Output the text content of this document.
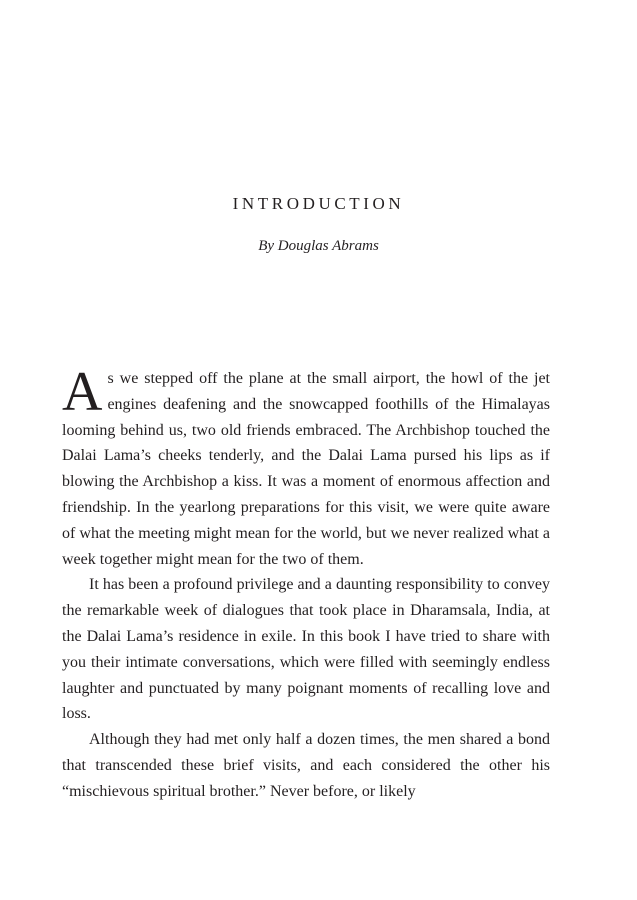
INTRODUCTION

By Douglas Abrams

As we stepped off the plane at the small airport, the howl of the jet engines deafening and the snowcapped foothills of the Himalayas looming behind us, two old friends embraced. The Archbishop touched the Dalai Lama’s cheeks tenderly, and the Dalai Lama pursed his lips as if blowing the Archbishop a kiss. It was a moment of enormous affection and friendship. In the yearlong preparations for this visit, we were quite aware of what the meeting might mean for the world, but we never realized what a week together might mean for the two of them.

It has been a profound privilege and a daunting responsibility to convey the remarkable week of dialogues that took place in Dharamsala, India, at the Dalai Lama’s residence in exile. In this book I have tried to share with you their intimate conversations, which were filled with seemingly endless laughter and punctuated by many poignant moments of recalling love and loss.

Although they had met only half a dozen times, the men shared a bond that transcended these brief visits, and each considered the other his “mischievous spiritual brother.” Never before, or likely
